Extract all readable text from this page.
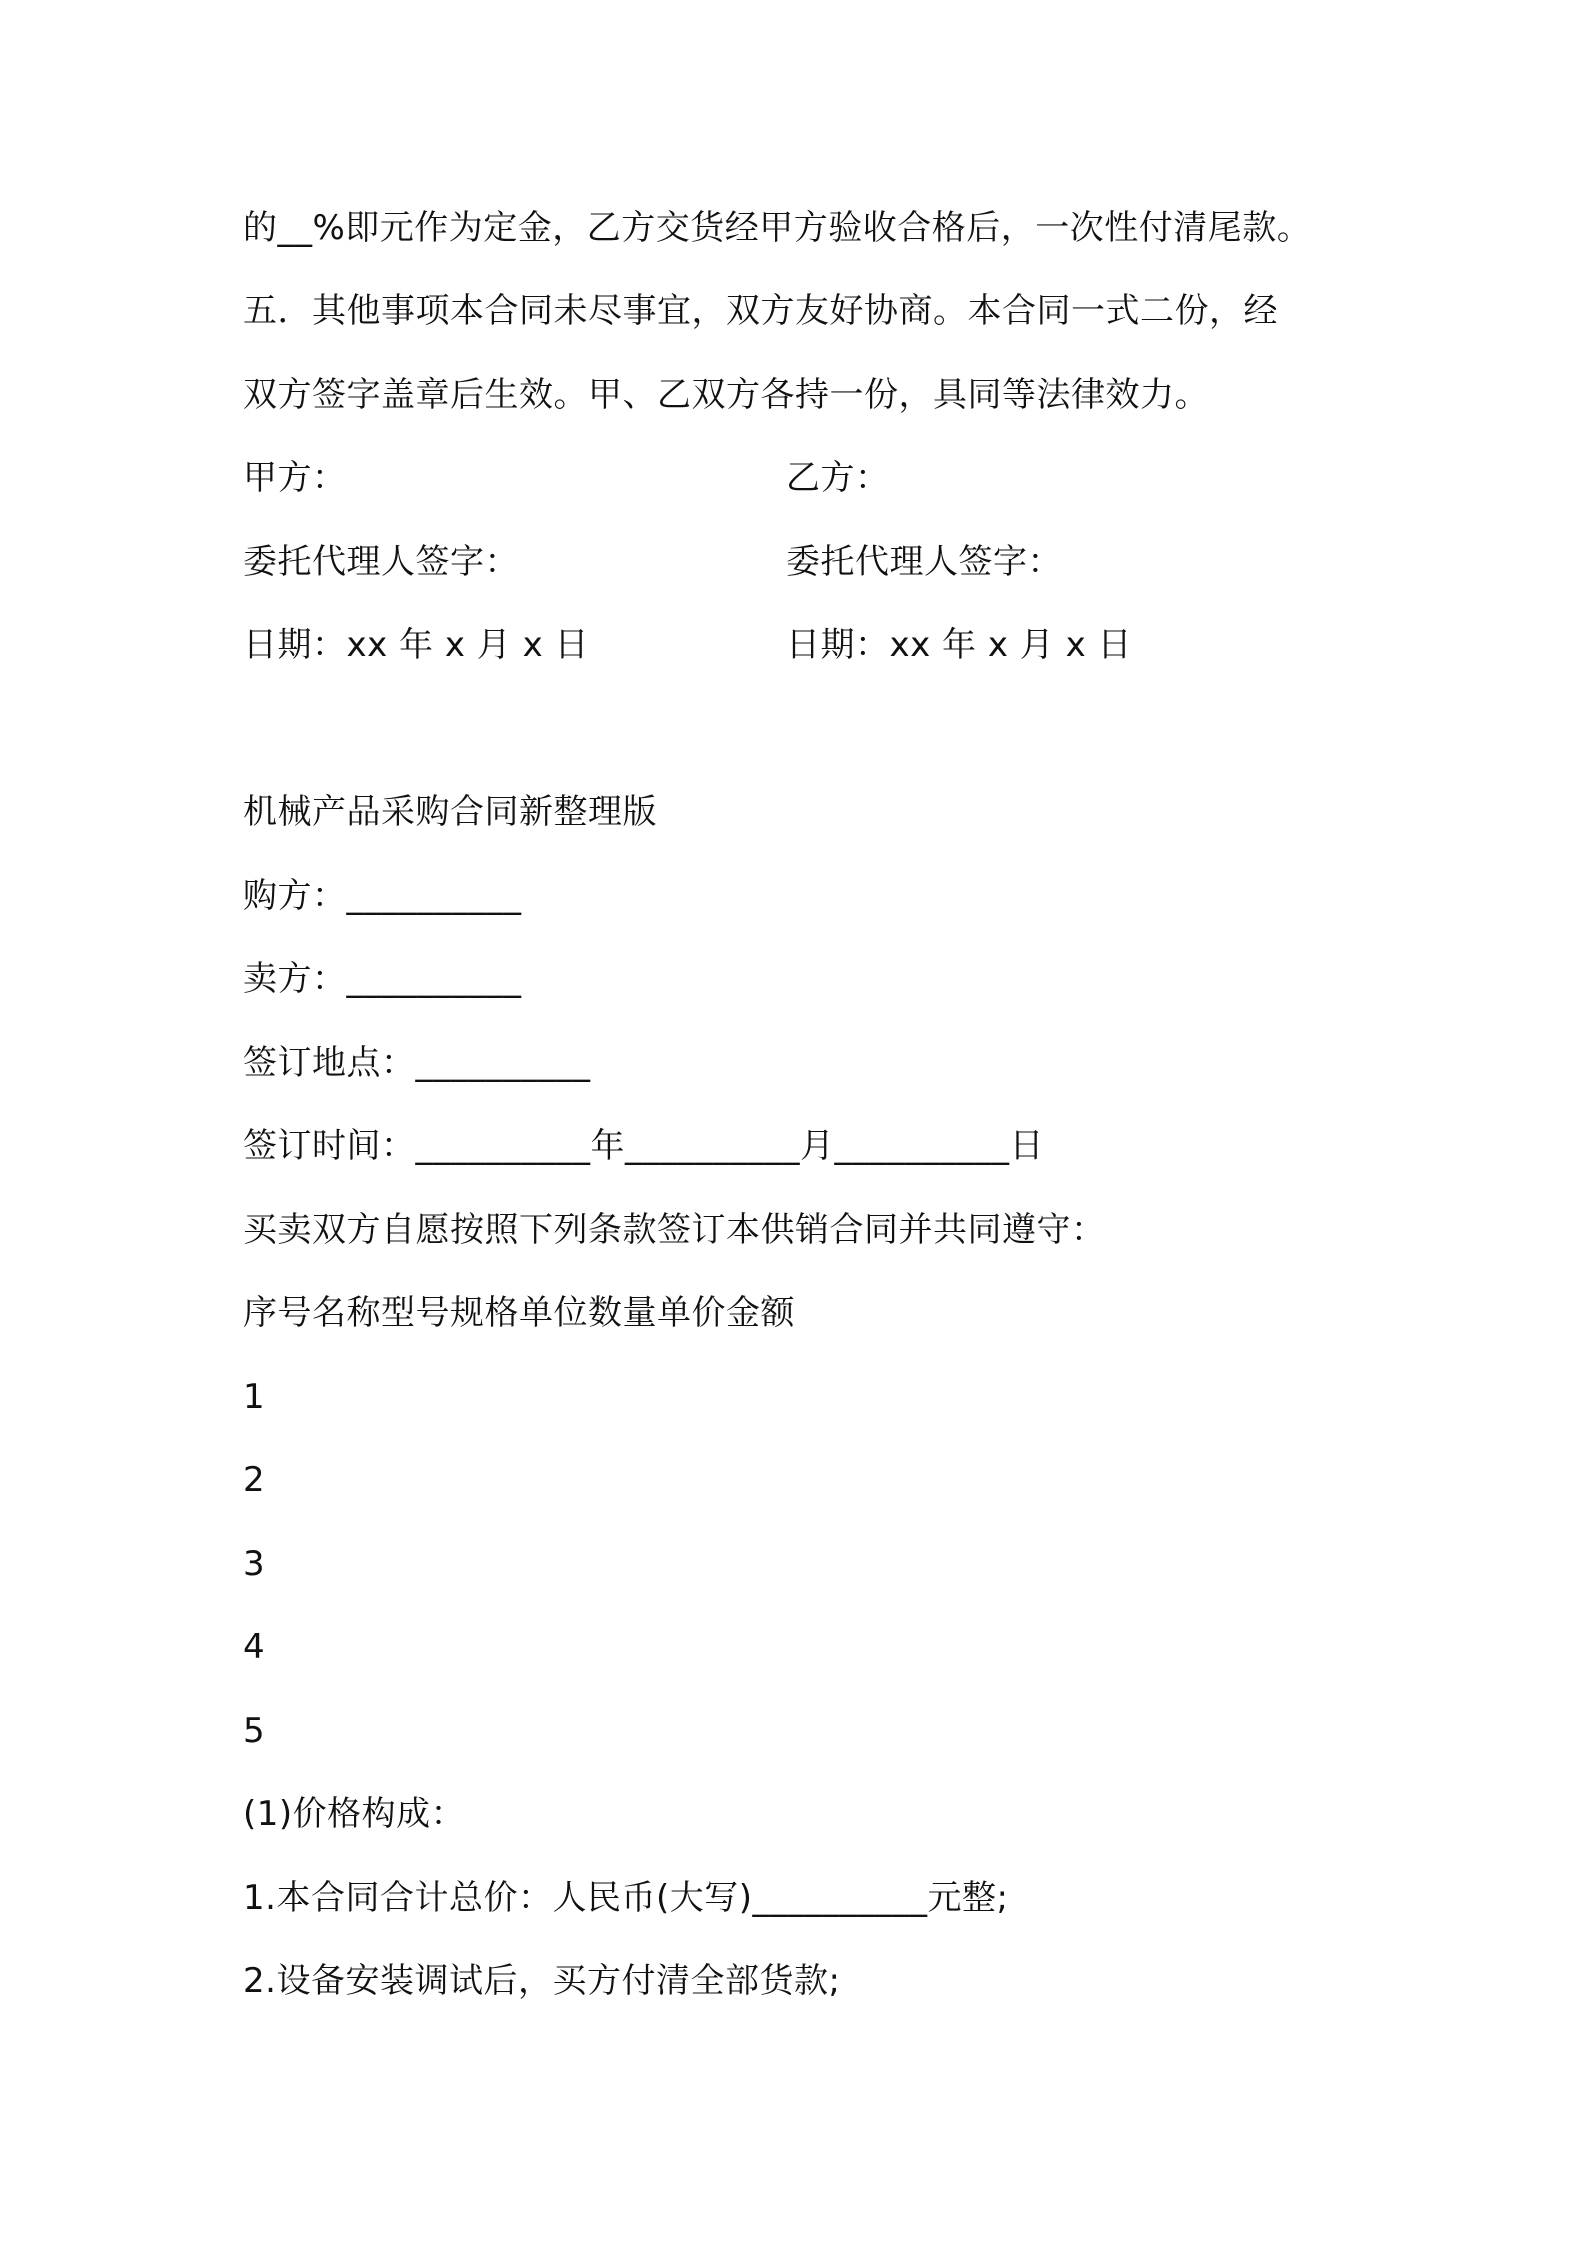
的__%即元作为定金，乙方交货经甲方验收合格后，一次性付清尾款。
五．其他事项本合同未尽事宜，双方友好协商。本合同一式二份，经
双方签字盖章后生效。甲、乙双方各持一份，具同等法律效力。
甲方：	乙方：
委托代理人签字：	委托代理人签字：
日期：xx 年 x 月 x 日	日期：xx 年 x 月 x 日
机械产品采购合同新整理版
购方：__________
卖方：__________
签订地点：__________
签订时间：__________年__________月__________日
买卖双方自愿按照下列条款签订本供销合同并共同遵守：
序号名称型号规格单位数量单价金额
1
2
3
4
5
(1)价格构成：
1.本合同合计总价：人民币(大写)__________元整;
2.设备安装调试后，买方付清全部货款;
